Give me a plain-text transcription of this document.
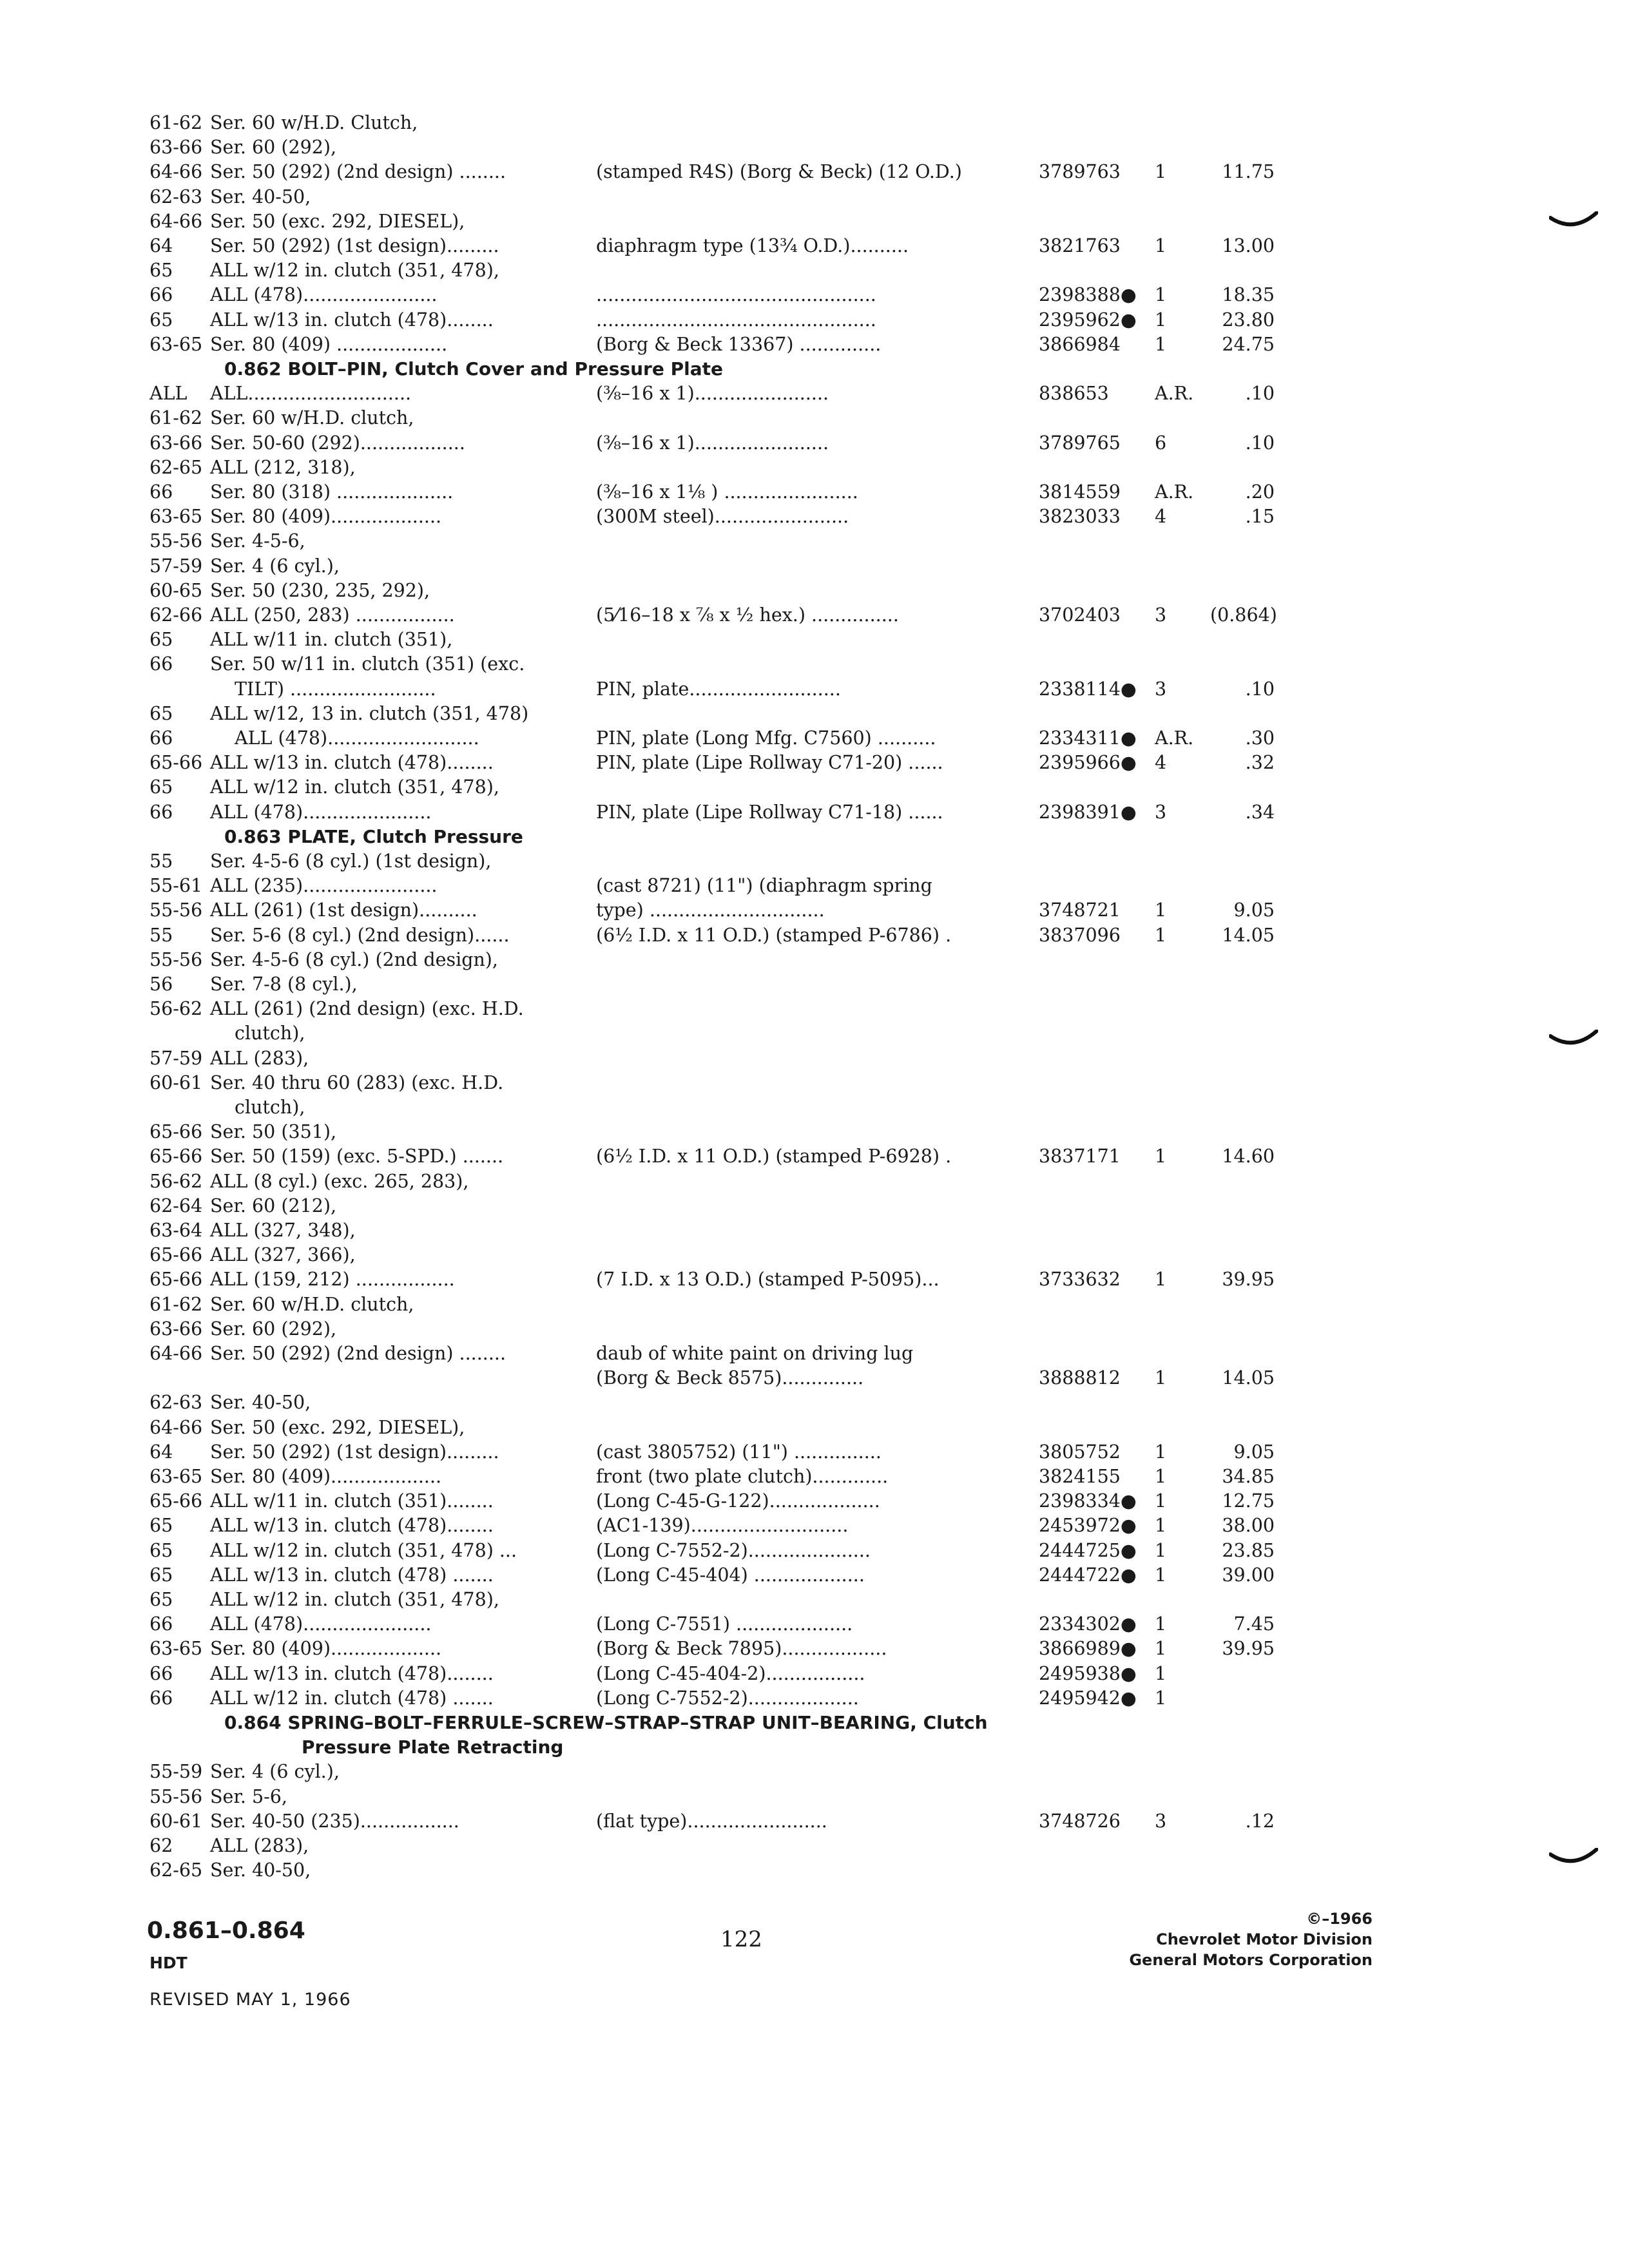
61-62 Ser. 60 w/H.D. Clutch,
63-66 Ser. 60 (292),
64-66 Ser. 50 (292) (2nd design) ........	(stamped R4S) (Borg & Beck) (12 O.D.)	3789763 1	11.75
62-63 Ser. 40-50,
64-66 Ser. 50 (exc. 292, DIESEL),
64 Ser. 50 (292) (1st design).........	diaphragm type (13¾ O.D.)..........	3821763 1	13.00
65 ALL w/12 in. clutch (351, 478),
66 ALL (478).......................	................................................	2398388● 1	18.35
65 ALL w/13 in. clutch (478)........	................................................	2395962● 1	23.80
63-65 Ser. 80 (409) ...................	(Borg & Beck 13367) ..............	3866984 1	24.75
0.862 BOLT–PIN, Clutch Cover and Pressure Plate
ALL ALL............................	(⅜–16 x 1).......................	838653 A.R.	.10
61-62 Ser. 60 w/H.D. clutch,
63-66 Ser. 50-60 (292)..................	(⅜–16 x 1).......................	3789765 6	.10
62-65 ALL (212, 318),
66 Ser. 80 (318) ....................	(⅜–16 x 1⅛ ) .......................	3814559 A.R.	.20
63-65 Ser. 80 (409)...................	(300M steel).......................	3823033 4	.15
55-56 Ser. 4-5-6,
57-59 Ser. 4 (6 cyl.),
60-65 Ser. 50 (230, 235, 292),
62-66 ALL (250, 283) .................	(5⁄16–18 x ⅞ x ½ hex.) ...............	3702403 3 (0.864)
65 ALL w/11 in. clutch (351),
66 Ser. 50 w/11 in. clutch (351) (exc.
TILT) .........................	PIN, plate..........................	2338114● 3	.10
65 ALL w/12, 13 in. clutch (351, 478)
66	ALL (478)..........................	PIN, plate (Long Mfg. C7560) ..........	2334311● A.R.	.30
65-66 ALL w/13 in. clutch (478)........	PIN, plate (Lipe Rollway C71-20) ......	2395966● 4	.32
65 ALL w/12 in. clutch (351, 478),
66 ALL (478)......................	PIN, plate (Lipe Rollway C71-18) ......	2398391● 3	.34
0.863 PLATE, Clutch Pressure
55 Ser. 4-5-6 (8 cyl.) (1st design),
55-61 ALL (235).......................	(cast 8721) (11") (diaphragm spring
55-56 ALL (261) (1st design)..........	type) ..............................	3748721 1	9.05
55 Ser. 5-6 (8 cyl.) (2nd design)......	(6½ I.D. x 11 O.D.) (stamped P-6786) .	3837096 1	14.05
55-56 Ser. 4-5-6 (8 cyl.) (2nd design),
56 Ser. 7-8 (8 cyl.),
56-62 ALL (261) (2nd design) (exc. H.D.
clutch),
57-59 ALL (283),
60-61 Ser. 40 thru 60 (283) (exc. H.D.
clutch),
65-66 Ser. 50 (351),
65-66 Ser. 50 (159) (exc. 5-SPD.) .......	(6½ I.D. x 11 O.D.) (stamped P-6928) .	3837171 1	14.60
56-62 ALL (8 cyl.) (exc. 265, 283),
62-64 Ser. 60 (212),
63-64 ALL (327, 348),
65-66 ALL (327, 366),
65-66 ALL (159, 212) .................	(7 I.D. x 13 O.D.) (stamped P-5095)...	3733632 1	39.95
61-62 Ser. 60 w/H.D. clutch,
63-66 Ser. 60 (292),
64-66 Ser. 50 (292) (2nd design) ........	daub of white paint on driving lug
(Borg & Beck 8575)..............	3888812 1	14.05
62-63 Ser. 40-50,
64-66 Ser. 50 (exc. 292, DIESEL),
64 Ser. 50 (292) (1st design).........	(cast 3805752) (11") ...............	3805752 1	9.05
63-65 Ser. 80 (409)...................	front (two plate clutch).............	3824155 1	34.85
65-66 ALL w/11 in. clutch (351)........	(Long C-45-G-122)...................	2398334● 1	12.75
65 ALL w/13 in. clutch (478)........	(AC1-139)...........................	2453972● 1	38.00
65 ALL w/12 in. clutch (351, 478) ...	(Long C-7552-2).....................	2444725● 1	23.85
65 ALL w/13 in. clutch (478) .......	(Long C-45-404) ...................	2444722● 1	39.00
65 ALL w/12 in. clutch (351, 478),
66 ALL (478)......................	(Long C-7551) ....................	2334302● 1	7.45
63-65 Ser. 80 (409)...................	(Borg & Beck 7895)..................	3866989● 1	39.95
66 ALL w/13 in. clutch (478)........	(Long C-45-404-2).................	2495938● 1
66 ALL w/12 in. clutch (478) .......	(Long C-7552-2)...................	2495942● 1
0.864 SPRING–BOLT–FERRULE–SCREW–STRAP–STRAP UNIT–BEARING, Clutch
Pressure Plate Retracting
55-59 Ser. 4 (6 cyl.),
55-56 Ser. 5-6,
60-61 Ser. 40-50 (235).................	(flat type)........................	3748726 3	.12
62 ALL (283),
62-65 Ser. 40-50,
0.861–0.864
HDT
REVISED MAY 1, 1966
122
©–1966
Chevrolet Motor Division
General Motors Corporation
